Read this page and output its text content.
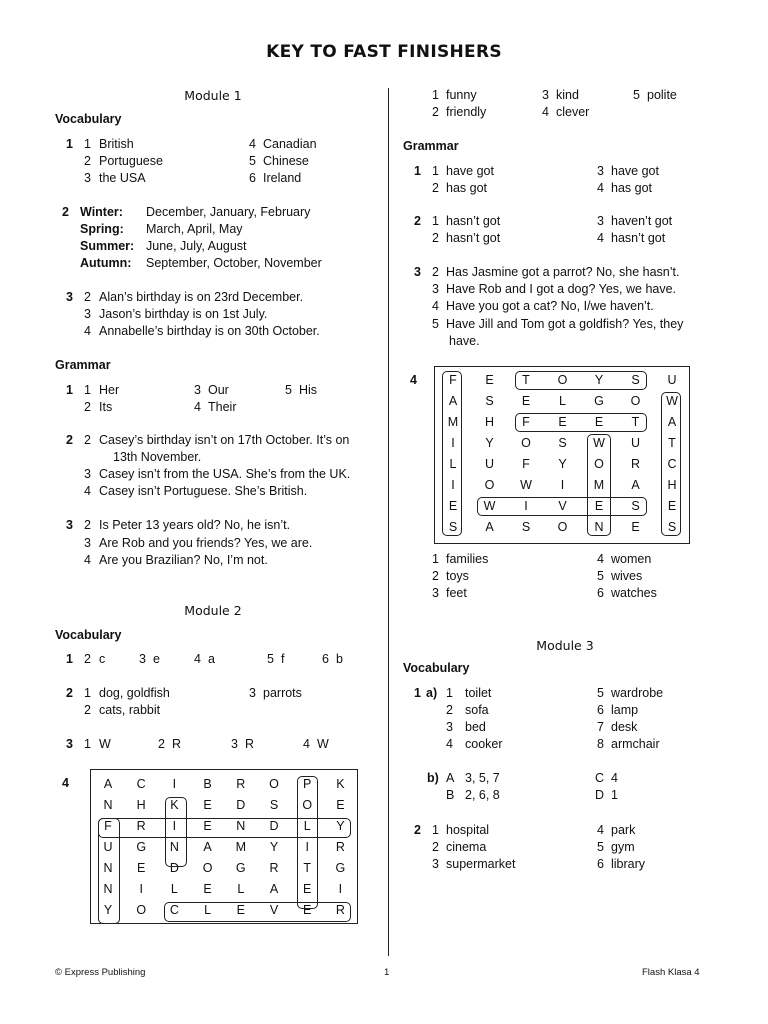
KEY TO FAST FINISHERS
Module 1
Vocabulary
1 1 British
2 Portuguese
3 the USA
4 Canadian
5 Chinese
6 Ireland
2 Winter: December, January, February
Spring: March, April, May
Summer: June, July, August
Autumn: September, October, November
3 2 Alan’s birthday is on 23rd December.
3 Jason’s birthday is on 1st July.
4 Annabelle’s birthday is on 30th October.
Grammar
1 1 Her
2 Its
3 Our
4 Their
5 His
2 2 Casey’s birthday isn’t on 17th October. It’s on
13th November.
3 Casey isn’t from the USA. She’s from the UK.
4 Casey isn’t Portuguese. She’s British.
3 2 Is Peter 13 years old? No, he isn’t.
3 Are Rob and you friends? Yes, we are.
4 Are you Brazilian? No, I’m not.
Module 2
Vocabulary
1 2 c	3 e	4 a	5 f	6 b
2 1 dog, goldfish
2 cats, rabbit
3 parrots
3 1 W	2 R	3 R	4 W
4	A	C	I	B	R	O	P	K
N	H	K	E	D	S	O	E
F	R	I	E	N	D	L	Y
U	G	N	A	M	Y	I	R
N	E	D	O	G	R	T	G
N	I	L	E	L	A	E	I
Y	O	C	L	E	V	E	R
1 funny
2 friendly
3 kind
4 clever
5 polite
Grammar
1 1 have got
2 has got
3 have got
4 has got
2 1 hasn’t got
2 hasn’t got
3 haven’t got
4 hasn’t got
3 2 Has Jasmine got a parrot? No, she hasn’t.
3 Have Rob and I got a dog? Yes, we have.
4 Have you got a cat? No, I/we haven’t.
5 Have Jill and Tom got a goldfish? Yes, they
have.
4	F	E	T	O	Y	S	U
A	S	E	L	G	O	W
M	H	F	E	E	T	A
I	Y	O	S	W	U	T
L	U	F	Y	O	R	C
I	O	W	I	M	A	H
E	W	I	V	E	S	E
S	A	S	O	N	E	S
1 families
2 toys
3 feet
4 women
5 wives
6 watches
Module 3
Vocabulary
1 a) 1 toilet
2 sofa
3 bed
4 cooker
5 wardrobe
6 lamp
7 desk
8 armchair
b) A 3, 5, 7
B 2, 6, 8
C 4
D 1
2 1 hospital
2 cinema
3 supermarket
4 park
5 gym
6 library
© Express Publishing	1	Flash Klasa 4
